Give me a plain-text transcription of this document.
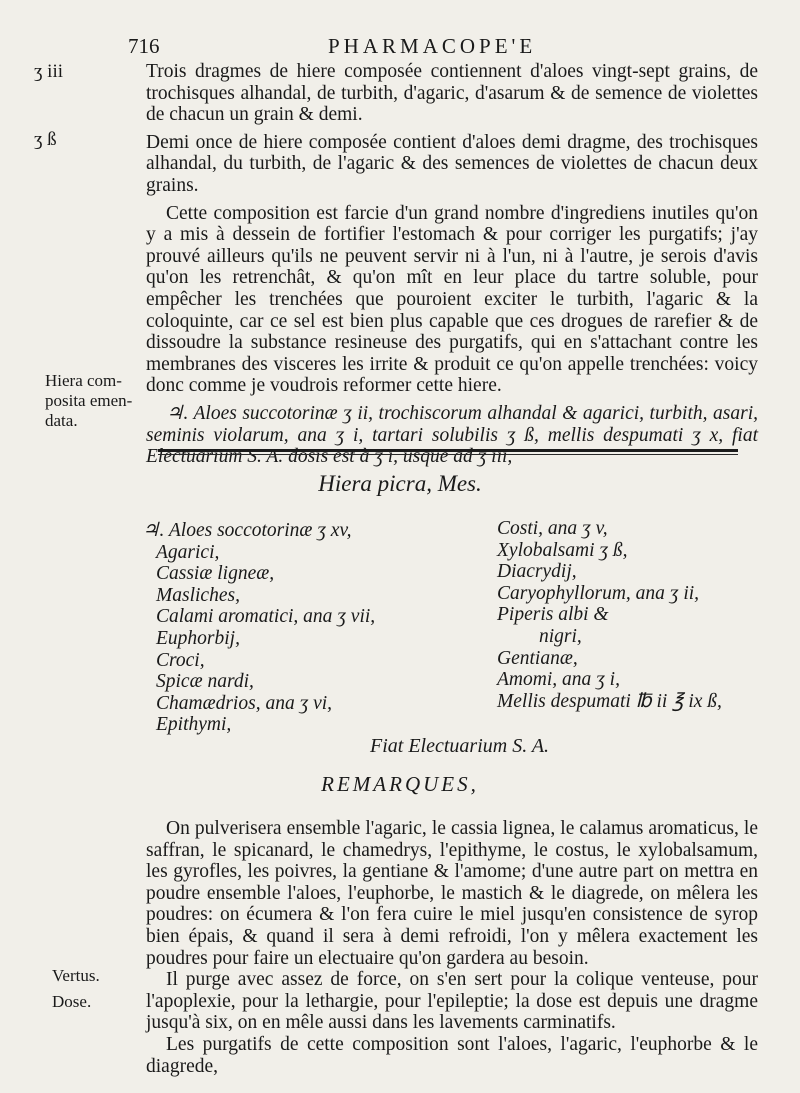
716	PHARMACOPE'E
ʒ iii
ʒ ß
Hiera com-
posita emen-
data.
Vertus.
Dose.

Trois dragmes de hiere composée contiennent d'aloes vingt-sept grains, de trochisques alhandal, de turbith, d'agaric, d'asarum & de semence de violettes de chacun un grain & demi.

Demi once de hiere composée contient d'aloes demi dragme, des trochisques alhandal, du turbith, de l'agaric & des semences de violettes de chacun deux grains.

Cette composition est farcie d'un grand nombre d'ingrediens inutiles qu'on y a mis à dessein de fortifier l'estomach & pour corriger les purgatifs; j'ay prouvé ailleurs qu'ils ne peuvent servir ni à l'un, ni à l'autre, je serois d'avis qu'on les retrenchât, & qu'on mît en leur place du tartre soluble, pour empêcher les trenchées que pouroient exciter le turbith, l'agaric & la coloquinte, car ce sel est bien plus capable que ces drogues de rarefier & de dissoudre la substance resineuse des purgatifs, qui en s'attachant contre les membranes des visceres les irrite & produit ce qu'on appelle trenchées: voicy donc comme je voudrois reformer cette hiere.

♃. Aloes succotorinæ ʒ ii, trochiscorum alhandal & agarici, turbith, asari, seminis violarum, ana ʒ i, tartari solubilis ʒ ß, mellis despumati ʒ x, fiat Electuarium S. A. dosis est à ʒ i, usque ad ʒ iii,

Hiera picra, Mes.
♃. Aloes soccotorinæ ʒ xv,
Agarici,
Cassiæ ligneæ,
Masliches,
Calami aromatici, ana ʒ vii,
Euphorbij,
Croci,
Spicæ nardi,
Chamædrios, ana ʒ vi,
Epithymi,
Costi, ana ʒ v,
Xylobalsami ʒ ß,
Diacrydij,
Caryophyllorum, ana ʒ ii,
Piperis albi &
nigri,
Gentianæ,
Amomi, ana ʒ i,
Mellis despumati ℔ ii ℥ ix ß,
Fiat Electuarium S. A.
REMARQUES,

On pulverisera ensemble l'agaric, le cassia lignea, le calamus aromaticus, le saffran, le spicanard, le chamedrys, l'epithyme, le costus, le xylobalsamum, les gyrofles, les poivres, la gentiane & l'amome; d'une autre part on mettra en poudre ensemble l'aloes, l'euphorbe, le mastich & le diagrede, on mêlera les poudres: on écumera & l'on fera cuire le miel jusqu'en consistence de syrop bien épais, & quand il sera à demi refroidi, l'on y mêlera exactement les poudres pour faire un electuaire qu'on gardera au besoin.

Il purge avec assez de force, on s'en sert pour la colique venteuse, pour l'apoplexie, pour la lethargie, pour l'epileptie; la dose est depuis une dragme jusqu'à six, on en mêle aussi dans les lavements carminatifs.

Les purgatifs de cette composition sont l'aloes, l'agaric, l'euphorbe & le diagrede,
